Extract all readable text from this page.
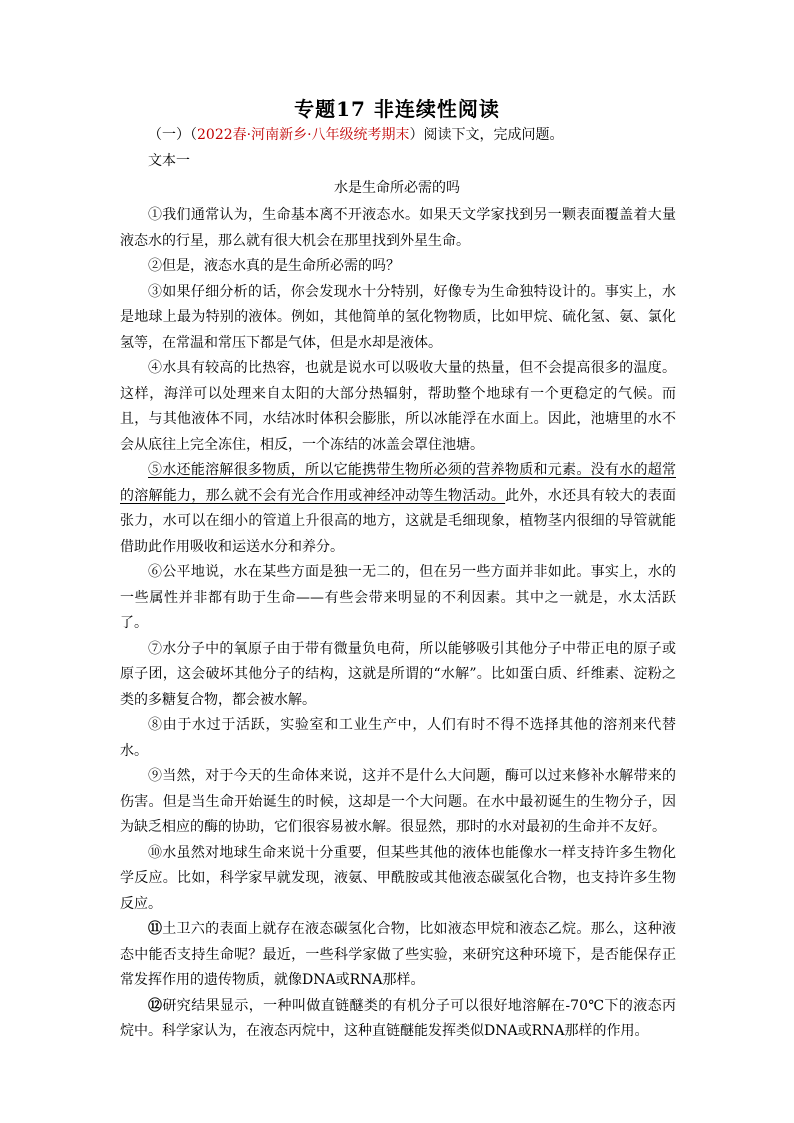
专题17 非连续性阅读
（一）（2022春·河南新乡·八年级统考期末）阅读下文，完成问题。
文本一
水是生命所必需的吗

①我们通常认为，生命基本离不开液态水。如果天文学家找到另一颗表面覆盖着大量液态水的行星，那么就有很大机会在那里找到外星生命。

②但是，液态水真的是生命所必需的吗？

③如果仔细分析的话，你会发现水十分特别，好像专为生命独特设计的。事实上，水是地球上最为特别的液体。例如，其他简单的氢化物物质，比如甲烷、硫化氢、氨、氯化氢等，在常温和常压下都是气体，但是水却是液体。

④水具有较高的比热容，也就是说水可以吸收大量的热量，但不会提高很多的温度。这样，海洋可以处理来自太阳的大部分热辐射，帮助整个地球有一个更稳定的气候。而且，与其他液体不同，水结冰时体积会膨胀，所以冰能浮在水面上。因此，池塘里的水不会从底往上完全冻住，相反，一个冻结的冰盖会罩住池塘。

⑤水还能溶解很多物质，所以它能携带生物所必须的营养物质和元素。没有水的超常的溶解能力，那么就不会有光合作用或神经冲动等生物活动。此外，水还具有较大的表面张力，水可以在细小的管道上升很高的地方，这就是毛细现象，植物茎内很细的导管就能借助此作用吸收和运送水分和养分。

⑥公平地说，水在某些方面是独一无二的，但在另一些方面并非如此。事实上，水的一些属性并非都有助于生命——有些会带来明显的不利因素。其中之一就是，水太活跃了。

⑦水分子中的氧原子由于带有微量负电荷，所以能够吸引其他分子中带正电的原子或原子团，这会破坏其他分子的结构，这就是所谓的“水解”。比如蛋白质、纤维素、淀粉之类的多糖复合物，都会被水解。

⑧由于水过于活跃，实验室和工业生产中，人们有时不得不选择其他的溶剂来代替水。

⑨当然，对于今天的生命体来说，这并不是什么大问题，酶可以过来修补水解带来的伤害。但是当生命开始诞生的时候，这却是一个大问题。在水中最初诞生的生物分子，因为缺乏相应的酶的协助，它们很容易被水解。很显然，那时的水对最初的生命并不友好。

⑩水虽然对地球生命来说十分重要，但某些其他的液体也能像水一样支持许多生物化学反应。比如，科学家早就发现，液氨、甲酰胺或其他液态碳氢化合物，也支持许多生物反应。

⑪土卫六的表面上就存在液态碳氢化合物，比如液态甲烷和液态乙烷。那么，这种液态中能否支持生命呢？最近，一些科学家做了些实验，来研究这种环境下，是否能保存正常发挥作用的遗传物质，就像DNA或RNA那样。

⑫研究结果显示，一种叫做直链醚类的有机分子可以很好地溶解在-70℃下的液态丙烷中。科学家认为，在液态丙烷中，这种直链醚能发挥类似DNA或RNA那样的作用。
